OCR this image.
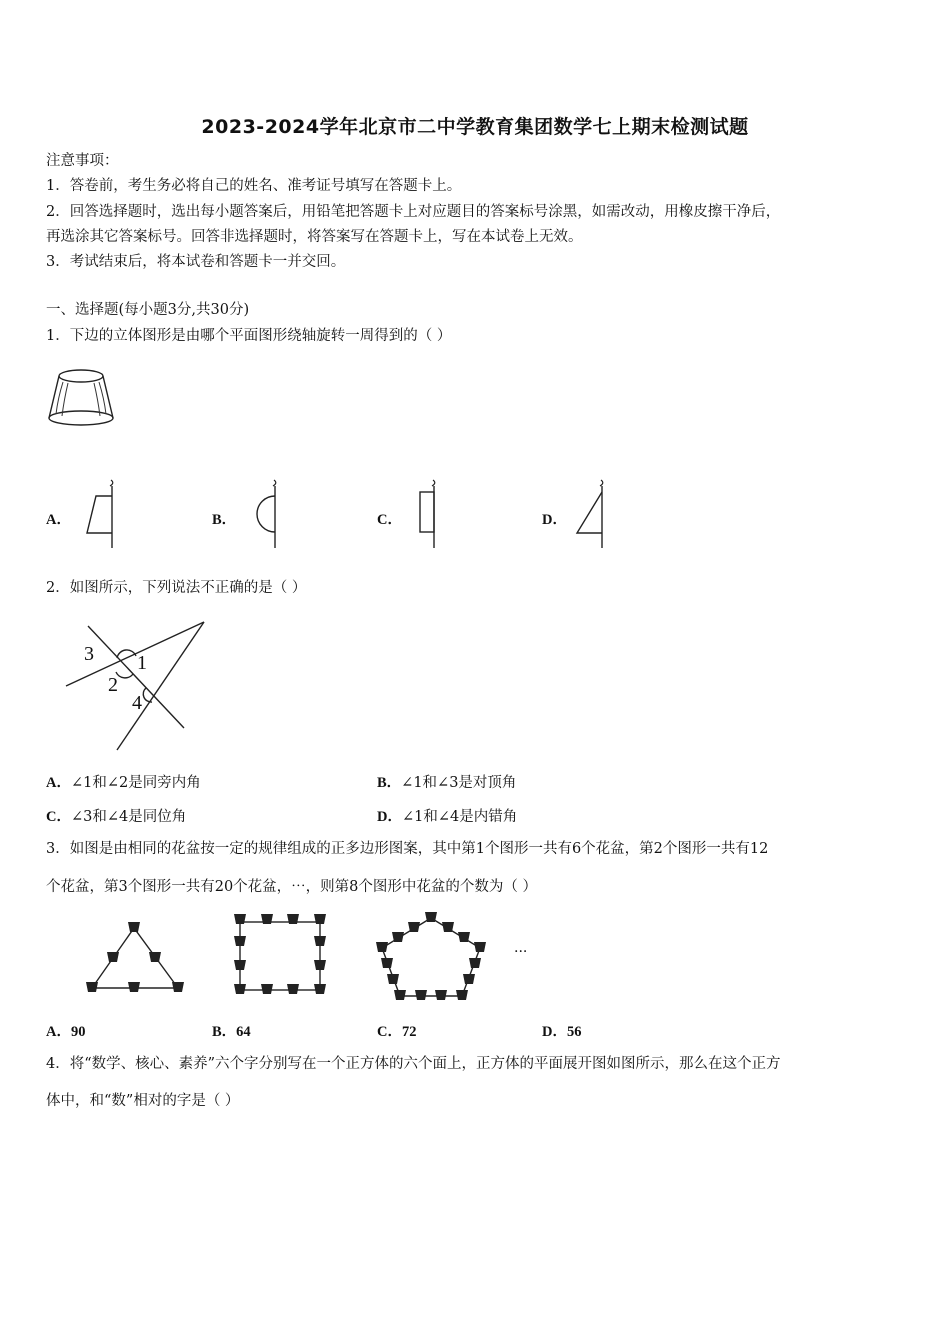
2023-2024学年北京市二中学教育集团数学七上期末检测试题
注意事项：
1．答卷前，考生务必将自己的姓名、准考证号填写在答题卡上。
2．回答选择题时，选出每小题答案后，用铅笔把答题卡上对应题目的答案标号涂黑，如需改动，用橡皮擦干净后，
再选涂其它答案标号。回答非选择题时，将答案写在答题卡上，写在本试卷上无效。
3．考试结束后，将本试卷和答题卡一并交回。
一、选择题(每小题3分,共30分)
1．下边的立体图形是由哪个平面图形绕轴旋转一周得到的（ ）
A．	B．	C．	D．
2．如图所示，下列说法不正确的是（ ）
3 1
2
4
A．∠1和∠2是同旁内角	B．∠1和∠3是对顶角
C．∠3和∠4是同位角	D．∠1和∠4是内错角
3．如图是由相同的花盆按一定的规律组成的正多边形图案，其中第1个图形一共有6个花盆，第2个图形一共有12
个花盆，第3个图形一共有20个花盆，⋯，则第8个图形中花盆的个数为（ ）
...
A．90	B．64	C．72	D．56
4．将“数学、核心、素养”六个字分别写在一个正方体的六个面上，正方体的平面展开图如图所示，那么在这个正方
体中，和“数”相对的字是（ ）
